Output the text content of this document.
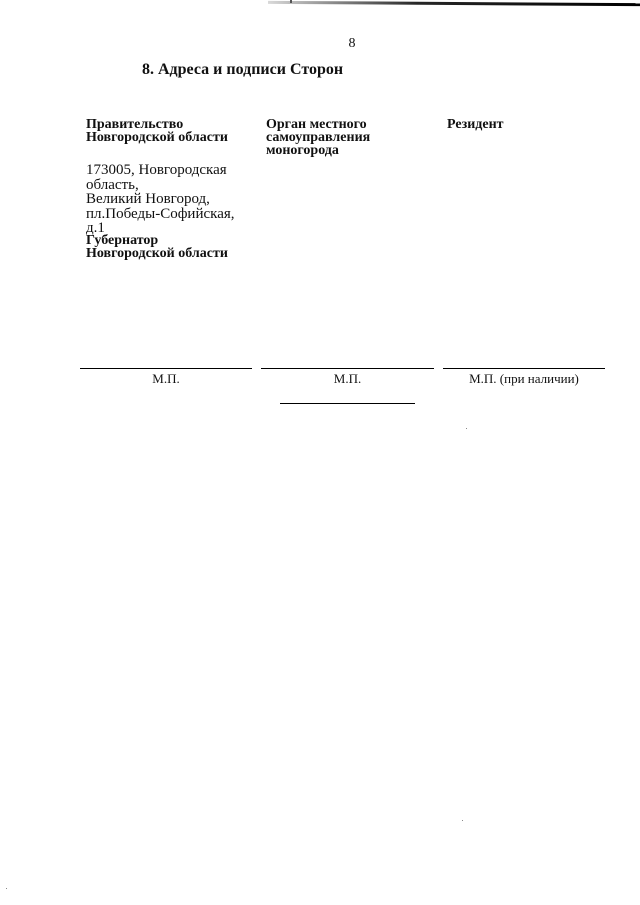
8
8. Адреса и подписи Сторон
Правительство
Новгородской области
Орган местного
самоуправления
моногорода
Резидент
173005, Новгородская
область,
Великий Новгород,
пл.Победы-Софийская,
д.1
Губернатор
Новгородской области
М.П.	М.П.	М.П. (при наличии)
